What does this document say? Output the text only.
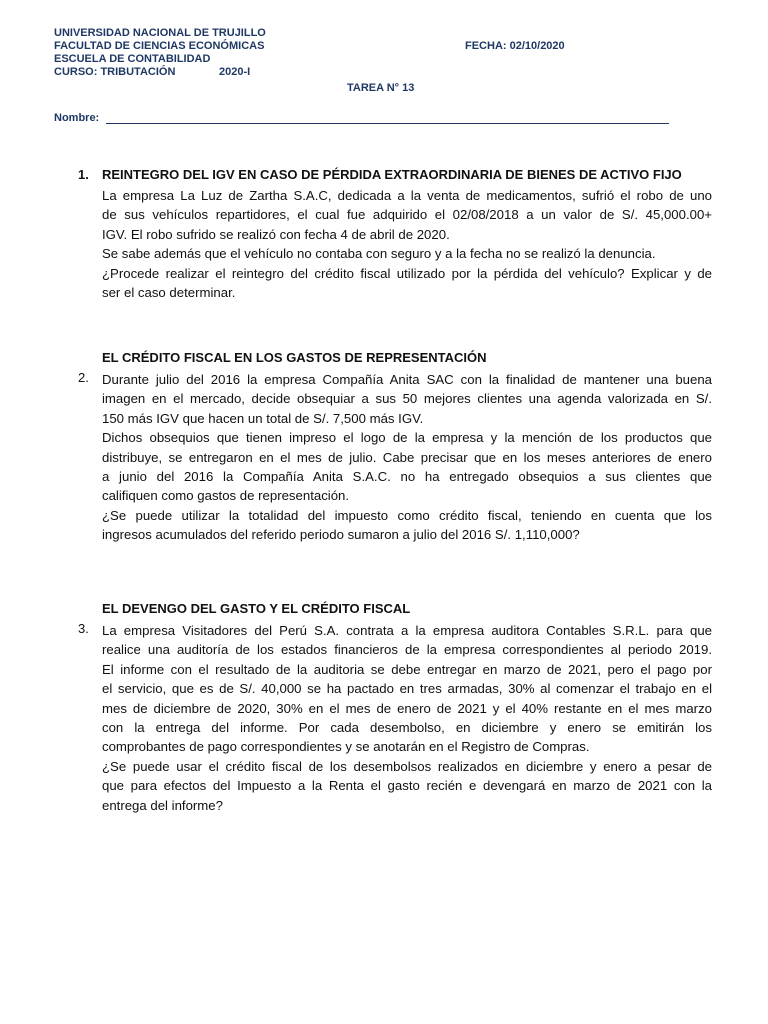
UNIVERSIDAD NACIONAL DE TRUJILLO
FACULTAD DE CIENCIAS ECONÓMICAS	FECHA: 02/10/2020
ESCUELA DE CONTABILIDAD
CURSO: TRIBUTACIÓN	2020-I
TAREA N° 13
Nombre:
1. REINTEGRO DEL IGV EN CASO DE PÉRDIDA EXTRAORDINARIA DE BIENES DE ACTIVO FIJO
La empresa La Luz de Zartha S.A.C, dedicada a la venta de medicamentos, sufrió el robo de uno
de sus vehículos repartidores, el cual fue adquirido el 02/08/2018 a un valor de S/. 45,000.00+
IGV. El robo sufrido se realizó con fecha 4 de abril de 2020.
Se sabe además que el vehículo no contaba con seguro y a la fecha no se realizó la denuncia.
¿Procede realizar el reintegro del crédito fiscal utilizado por la pérdida del vehículo? Explicar y de
ser el caso determinar.
EL CRÉDITO FISCAL EN LOS GASTOS DE REPRESENTACIÓN
2. Durante julio del 2016 la empresa Compañía Anita SAC con la finalidad de mantener una buena
imagen en el mercado, decide obsequiar a sus 50 mejores clientes una agenda valorizada en S/.
150 más IGV que hacen un total de S/. 7,500 más IGV.
Dichos obsequios que tienen impreso el logo de la empresa y la mención de los productos que
distribuye, se entregaron en el mes de julio. Cabe precisar que en los meses anteriores de enero
a junio del 2016 la Compañía Anita S.A.C. no ha entregado obsequios a sus clientes que
califiquen como gastos de representación.
¿Se puede utilizar la totalidad del impuesto como crédito fiscal, teniendo en cuenta que los
ingresos acumulados del referido periodo sumaron a julio del 2016 S/. 1,110,000?
EL DEVENGO DEL GASTO Y EL CRÉDITO FISCAL
3. La empresa Visitadores del Perú S.A. contrata a la empresa auditora Contables S.R.L. para que
realice una auditoría de los estados financieros de la empresa correspondientes al periodo 2019.
El informe con el resultado de la auditoria se debe entregar en marzo de 2021, pero el pago por
el servicio, que es de S/. 40,000 se ha pactado en tres armadas, 30% al comenzar el trabajo en el
mes de diciembre de 2020, 30% en el mes de enero de 2021 y el 40% restante en el mes marzo
con la entrega del informe. Por cada desembolso, en diciembre y enero se emitirán los
comprobantes de pago correspondientes y se anotarán en el Registro de Compras.
¿Se puede usar el crédito fiscal de los desembolsos realizados en diciembre y enero a pesar de
que para efectos del Impuesto a la Renta el gasto recién e devengará en marzo de 2021 con la
entrega del informe?
